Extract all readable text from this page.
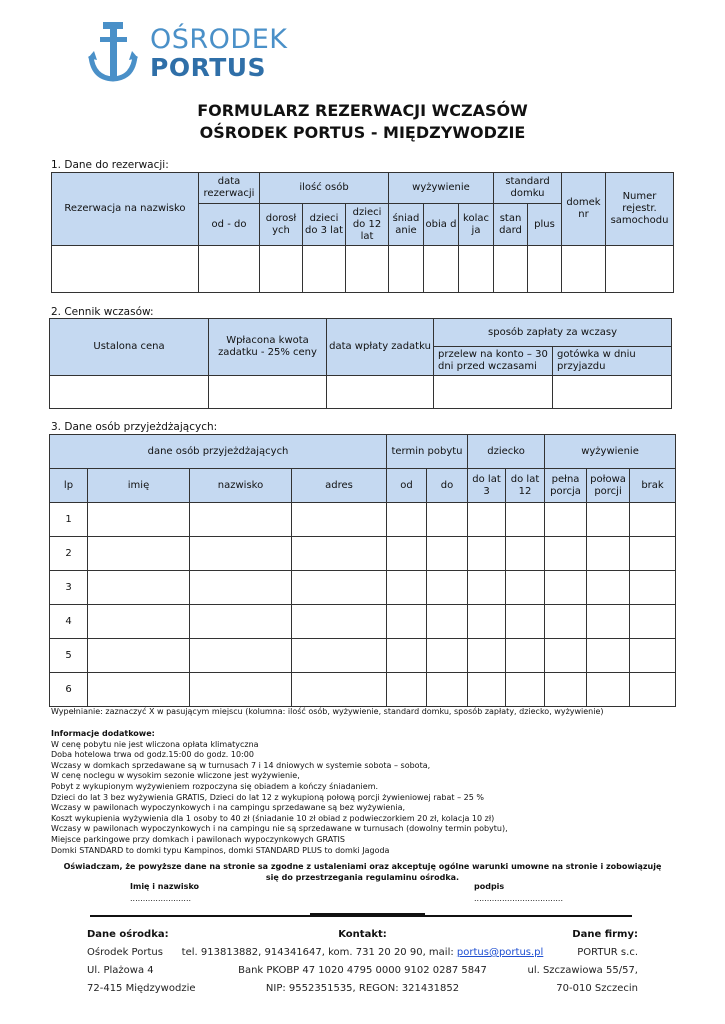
OŚRODEK
PORTUS
FORMULARZ REZERWACJI WCZASÓW
OŚRODEK PORTUS - MIĘDZYWODZIE
1. Dane do rezerwacji:
Rezerwacja na nazwisko	data rezerwacji	ilość osób			wyżywienie			standard domku		domek nr	Numer rejestr. samochodu
	od - do	dorosł ych	dzieci do 3 lat	dzieci do 12 lat	śniad anie	obia d	kolac ja	stan dard	plus		

2. Cennik wczasów:
Ustalona cena	Wpłacona kwota zadatku - 25% ceny	data wpłaty zadatku	sposób zapłaty za wczasy	
			przelew na konto – 30 dni przed wczasami	gotówka w dniu przyjazdu

3. Dane osób przyjeżdżających:
dane osób przyjeżdżających				termin pobytu		dziecko		wyżywienie		
lp	imię	nazwisko	adres	od	do	do lat 3	do lat 12	pełna porcja	połowa porcji	brak
1										
2										
3										
4										
5										
6										
Wypełnianie: zaznaczyć X w pasującym miejscu (kolumna: ilość osób, wyżywienie, standard domku, sposób zapłaty, dziecko, wyżywienie)
Informacje dodatkowe:
W cenę pobytu nie jest wliczona opłata klimatyczna
Doba hotelowa trwa od godz.15:00 do godz. 10:00
Wczasy w domkach sprzedawane są w turnusach 7 i 14 dniowych w systemie sobota – sobota,
W cenę noclegu w wysokim sezonie wliczone jest wyżywienie,
Pobyt z wykupionym wyżywieniem rozpoczyna się obiadem a kończy śniadaniem.
Dzieci do lat 3 bez wyżywienia GRATIS, Dzieci do lat 12 z wykupioną połową porcji żywieniowej rabat – 25 %
Wczasy w pawilonach wypoczynkowych i na campingu sprzedawane są bez wyżywienia,
Koszt wykupienia wyżywienia dla 1 osoby to 40 zł (śniadanie 10 zł obiad z podwieczorkiem 20 zł, kolacja 10 zł)
Wczasy w pawilonach wypoczynkowych i na campingu nie są sprzedawane w turnusach (dowolny termin pobytu),
Miejsce parkingowe przy domkach i pawilonach wypoczynkowych GRATIS
Domki STANDARD to domki typu Kampinos, domki STANDARD PLUS to domki Jagoda
Oświadczam, że powyższe dane na stronie sa zgodne z ustaleniami oraz akceptuję ogólne warunki umowne na stronie i zobowiązuję się do przestrzegania regulaminu ośrodka.
Imię i nazwisko
........................
podpis
...................................
Dane ośrodka:
Ośrodek Portus
Ul. Plażowa 4
72-415 Międzywodzie
Kontakt:
tel. 913813882, 914341647, kom. 731 20 20 90, mail: portus@portus.pl
Bank PKOBP 47 1020 4795 0000 9102 0287 5847
NIP: 9552351535, REGON: 321431852
Dane firmy:
PORTUR s.c.
ul. Szczawiowa 55/57,
70-010 Szczecin
